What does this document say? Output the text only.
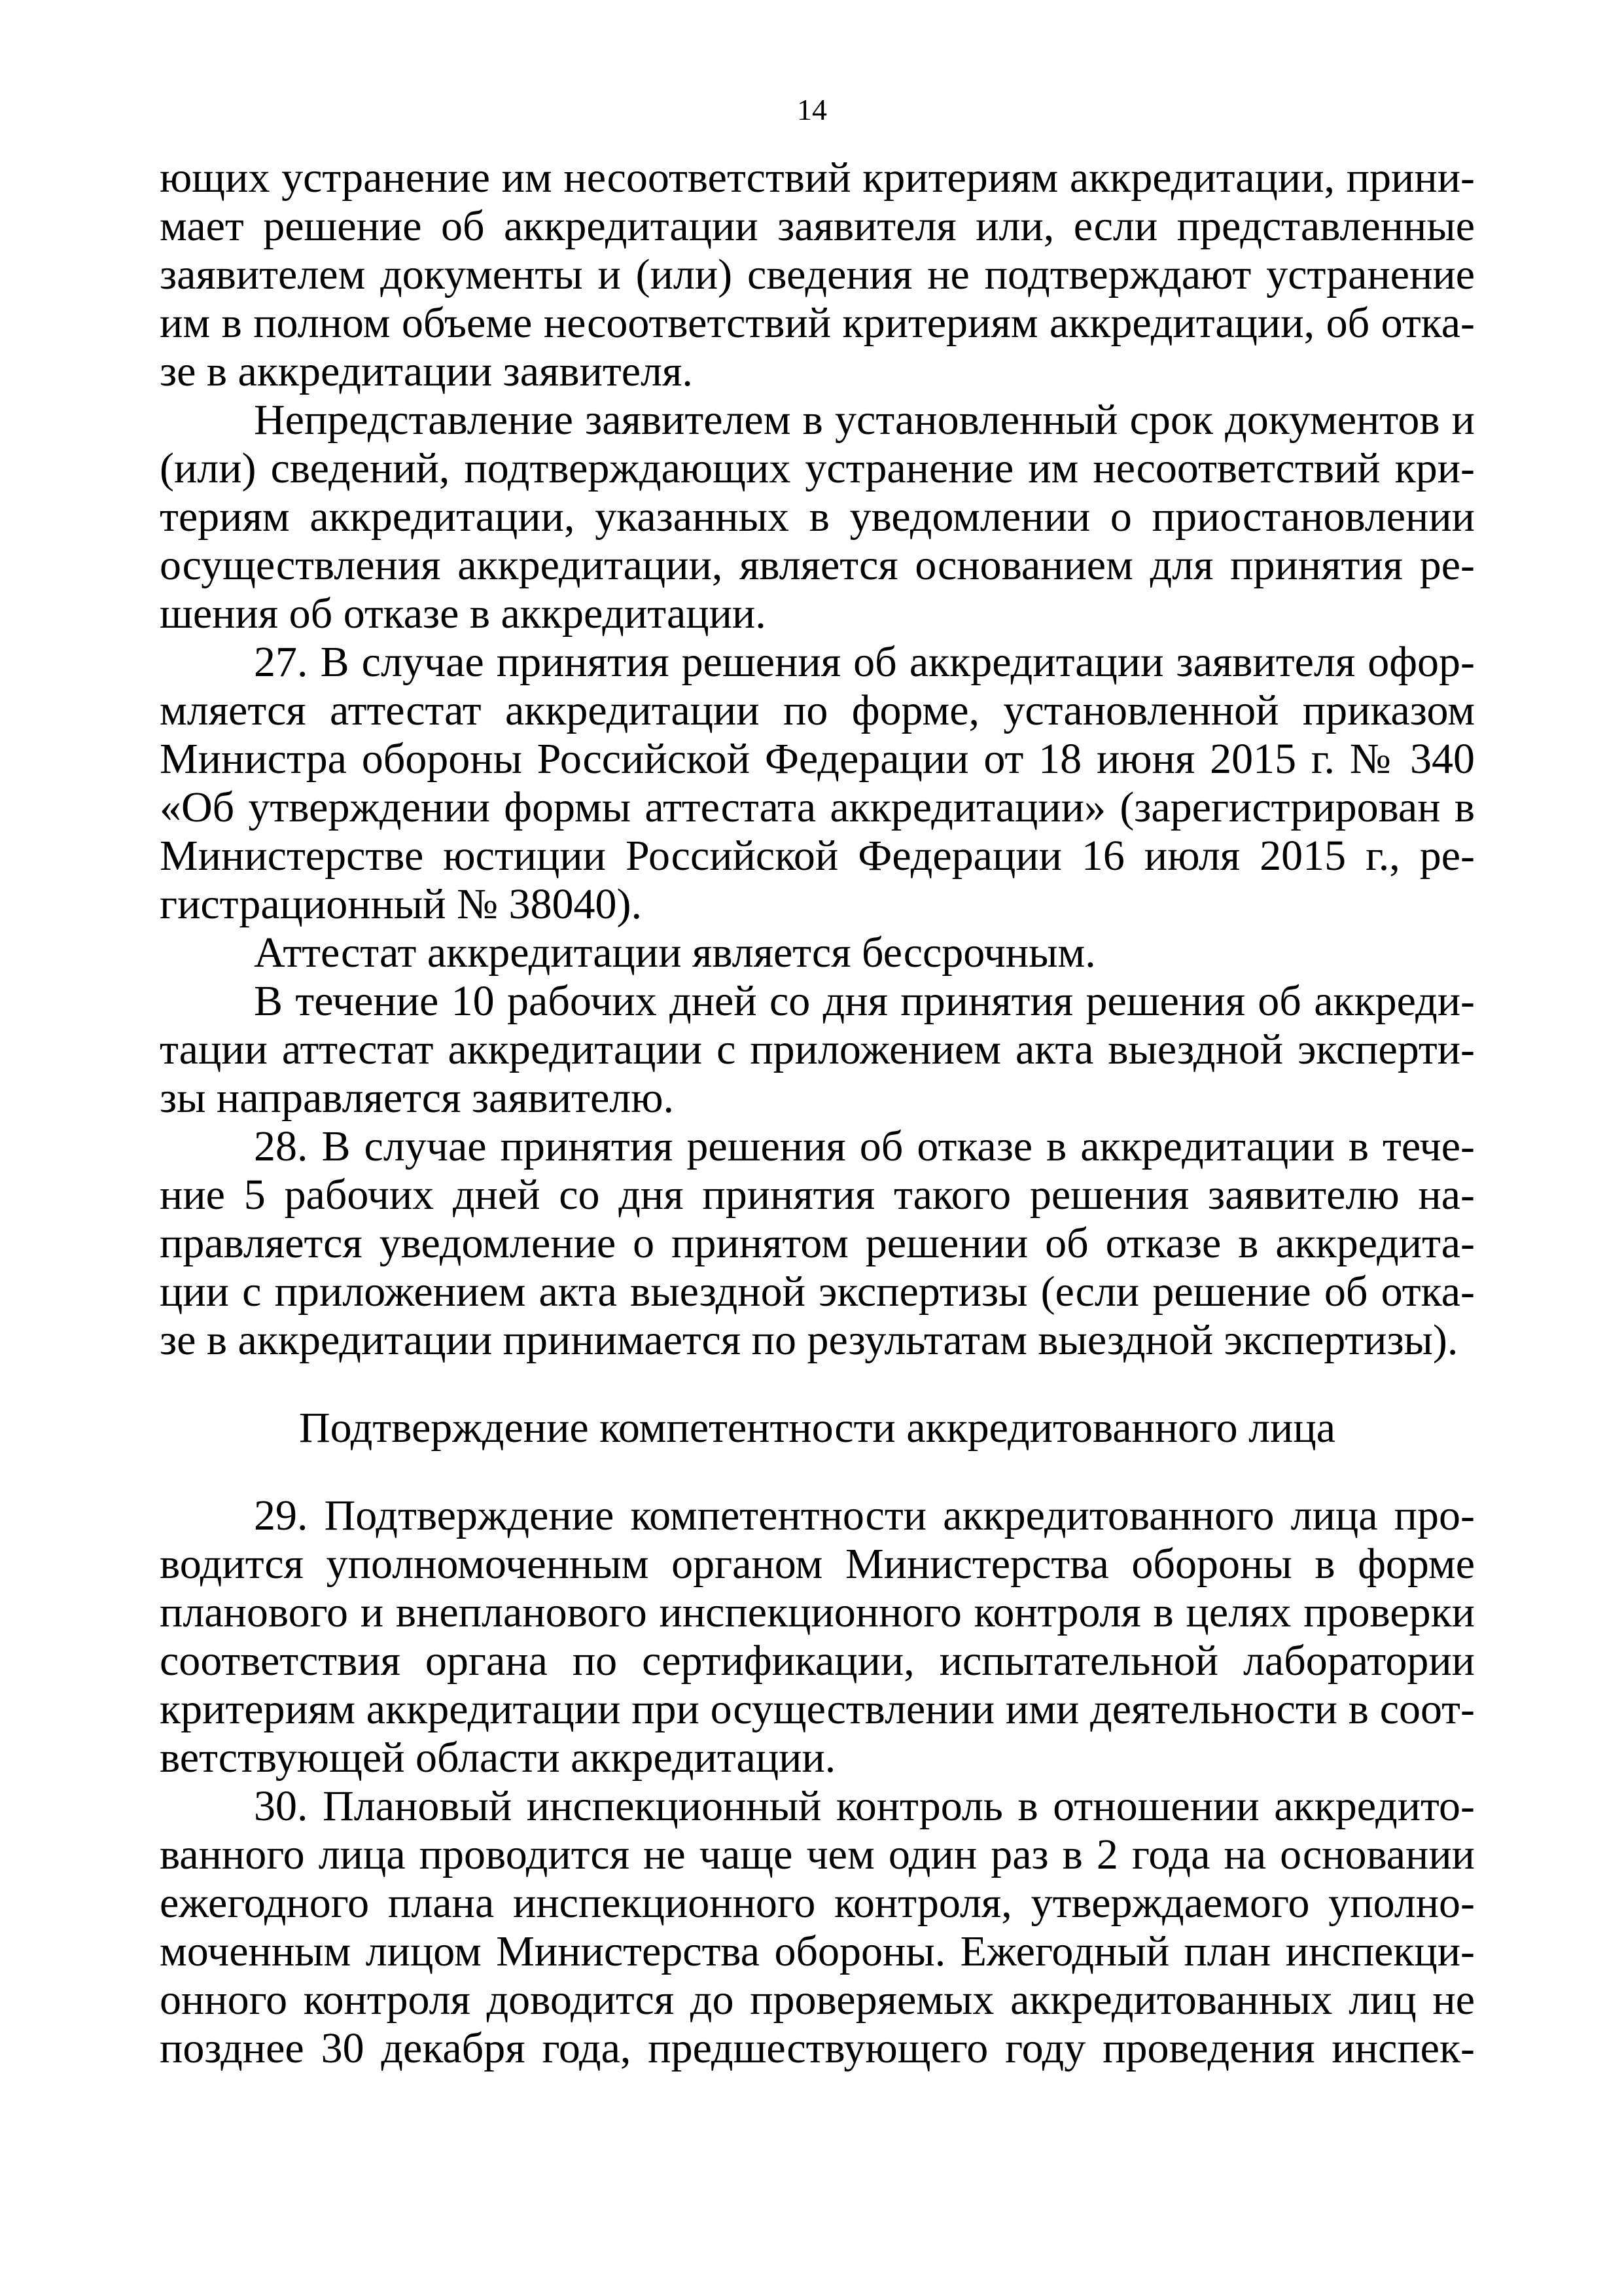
14
ющих устранение им несоответствий критериям аккредитации, прини-
мает решение об аккредитации заявителя или, если представленные
заявителем документы и (или) сведения не подтверждают устранение
им в полном объеме несоответствий критериям аккредитации, об отка-
зе в аккредитации заявителя.
Непредставление заявителем в установленный срок документов и
(или) сведений, подтверждающих устранение им несоответствий кри-
териям аккредитации, указанных в уведомлении о приостановлении
осуществления аккредитации, является основанием для принятия ре-
шения об отказе в аккредитации.
27. В случае принятия решения об аккредитации заявителя офор-
мляется аттестат аккредитации по форме, установленной приказом
Министра обороны Российской Федерации от 18 июня 2015 г. № 340
«Об утверждении формы аттестата аккредитации» (зарегистрирован в
Министерстве юстиции Российской Федерации 16 июля 2015 г., ре-
гистрационный № 38040).
Аттестат аккредитации является бессрочным.
В течение 10 рабочих дней со дня принятия решения об аккреди-
тации аттестат аккредитации с приложением акта выездной эксперти-
зы направляется заявителю.
28. В случае принятия решения об отказе в аккредитации в тече-
ние 5 рабочих дней со дня принятия такого решения заявителю на-
правляется уведомление о принятом решении об отказе в аккредита-
ции с приложением акта выездной экспертизы (если решение об отка-
зе в аккредитации принимается по результатам выездной экспертизы).
Подтверждение компетентности аккредитованного лица
29. Подтверждение компетентности аккредитованного лица про-
водится уполномоченным органом Министерства обороны в форме
планового и внепланового инспекционного контроля в целях проверки
соответствия органа по сертификации, испытательной лаборатории
критериям аккредитации при осуществлении ими деятельности в соот-
ветствующей области аккредитации.
30. Плановый инспекционный контроль в отношении аккредито-
ванного лица проводится не чаще чем один раз в 2 года на основании
ежегодного плана инспекционного контроля, утверждаемого уполно-
моченным лицом Министерства обороны. Ежегодный план инспекци-
онного контроля доводится до проверяемых аккредитованных лиц не
позднее 30 декабря года, предшествующего году проведения инспек-
